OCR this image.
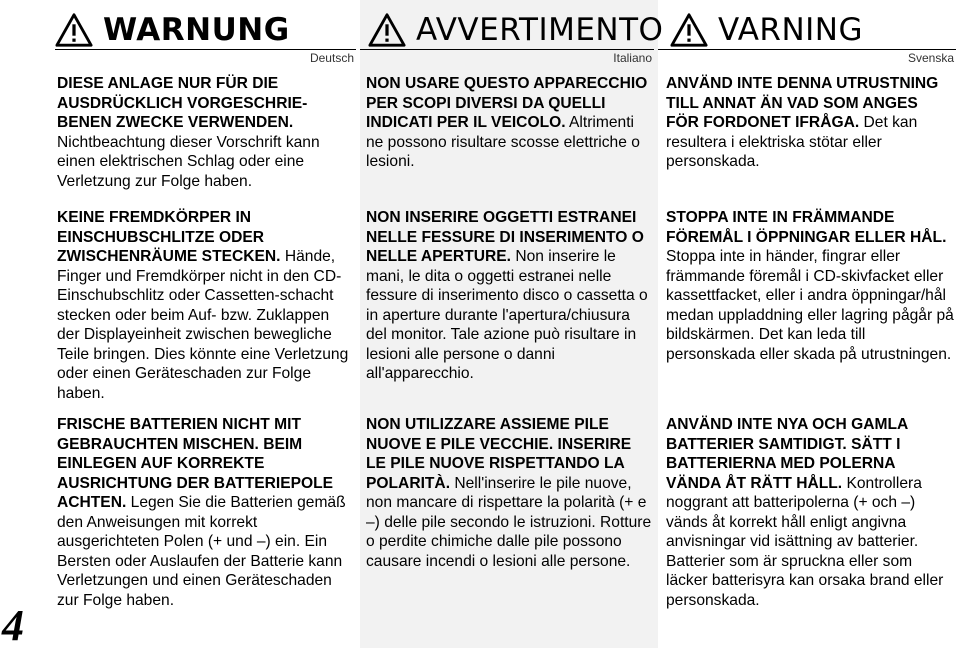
4
WARNUNG
Deutsch
DIESE ANLAGE NUR FÜR DIE AUSDRÜCKLICH VORGESCHRIE-BENEN ZWECKE VERWENDEN. Nichtbeachtung dieser Vorschrift kann einen elektrischen Schlag oder eine Verletzung zur Folge haben.
KEINE FREMDKÖRPER IN EINSCHUBSCHLITZE ODER ZWISCHENRÄUME STECKEN. Hände, Finger und Fremdkörper nicht in den CD-Einschubschlitz oder Cassetten-schacht stecken oder beim Auf- bzw. Zuklappen der Displayeinheit zwischen bewegliche Teile bringen. Dies könnte eine Verletzung oder einen Geräteschaden zur Folge haben.
FRISCHE BATTERIEN NICHT MIT GEBRAUCHTEN MISCHEN. BEIM EINLEGEN AUF KORREKTE AUSRICHTUNG DER BATTERIEPOLE ACHTEN. Legen Sie die Batterien gemäß den Anweisungen mit korrekt ausgerichteten Polen (+ und –) ein. Ein Bersten oder Auslaufen der Batterie kann Verletzungen und einen Geräteschaden zur Folge haben.
AVVERTIMENTO
Italiano
NON USARE QUESTO APPARECCHIO PER SCOPI DIVERSI DA QUELLI INDICATI PER IL VEICOLO. Altrimenti ne possono risultare scosse elettriche o lesioni.
NON INSERIRE OGGETTI ESTRANEI NELLE FESSURE DI INSERIMENTO O NELLE APERTURE. Non inserire le mani, le dita o oggetti estranei nelle fessure di inserimento disco o cassetta o in aperture durante l'apertura/chiusura del monitor. Tale azione può risultare in lesioni alle persone o danni all'apparecchio.
NON UTILIZZARE ASSIEME PILE NUOVE E PILE VECCHIE. INSERIRE LE PILE NUOVE RISPETTANDO LA POLARITÀ. Nell'inserire le pile nuove, non mancare di rispettare la polarità (+ e –) delle pile secondo le istruzioni. Rotture o perdite chimiche dalle pile possono causare incendi o lesioni alle persone.
VARNING
Svenska
ANVÄND INTE DENNA UTRUSTNING TILL ANNAT ÄN VAD SOM ANGES FÖR FORDONET IFRÅGA. Det kan resultera i elektriska stötar eller personskada.
STOPPA INTE IN FRÄMMANDE FÖREMÅL I ÖPPNINGAR ELLER HÅL. Stoppa inte in händer, fingrar eller främmande föremål i CD-skivfacket eller kassettfacket, eller i andra öppningar/hål medan uppladdning eller lagring pågår på bildskärmen. Det kan leda till personskada eller skada på utrustningen.
ANVÄND INTE NYA OCH GAMLA BATTERIER SAMTIDIGT. SÄTT I BATTERIERNA MED POLERNA VÄNDA ÅT RÄTT HÅLL. Kontrollera noggrant att batteripolerna (+ och –) vänds åt korrekt håll enligt angivna anvisningar vid isättning av batterier. Batterier som är spruckna eller som läcker batterisyra kan orsaka brand eller personskada.
